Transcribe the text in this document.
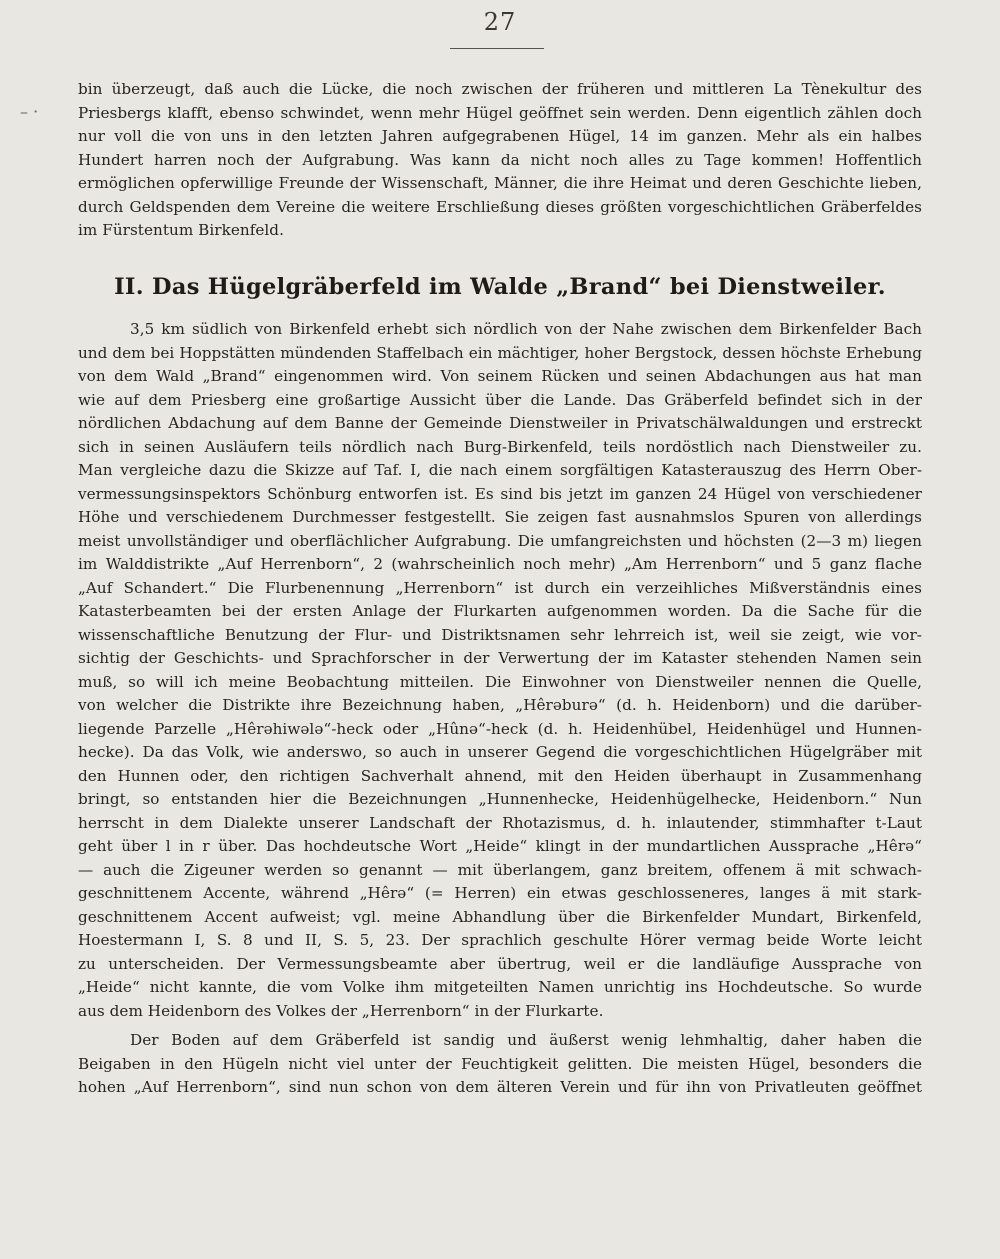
27
– ·
bin überzeugt, daß auch die Lücke, die noch zwischen der früheren und mittleren La Tènekultur des
Priesbergs klafft, ebenso schwindet, wenn mehr Hügel geöffnet sein werden. Denn eigentlich zählen doch
nur voll die von uns in den letzten Jahren aufgegrabenen Hügel, 14 im ganzen. Mehr als ein halbes
Hundert harren noch der Aufgrabung. Was kann da nicht noch alles zu Tage kommen! Hoffentlich
ermöglichen opferwillige Freunde der Wissenschaft, Männer, die ihre Heimat und deren Geschichte lieben,
durch Geldspenden dem Vereine die weitere Erschließung dieses größten vorgeschichtlichen Gräberfeldes
im Fürstentum Birkenfeld.
II. Das Hügelgräberfeld im Walde „Brand“ bei Dienstweiler.
3,5 km südlich von Birkenfeld erhebt sich nördlich von der Nahe zwischen dem Birkenfelder Bach
und dem bei Hoppstätten mündenden Staffelbach ein mächtiger, hoher Bergstock, dessen höchste Erhebung
von dem Wald „Brand“ eingenommen wird. Von seinem Rücken und seinen Abdachungen aus hat man
wie auf dem Priesberg eine großartige Aussicht über die Lande. Das Gräberfeld befindet sich in der
nördlichen Abdachung auf dem Banne der Gemeinde Dienstweiler in Privatschälwaldungen und erstreckt
sich in seinen Ausläufern teils nördlich nach Burg-Birkenfeld, teils nordöstlich nach Dienstweiler zu.
Man vergleiche dazu die Skizze auf Taf. I, die nach einem sorgfältigen Katasterauszug des Herrn Ober-
vermessungsinspektors Schönburg entworfen ist. Es sind bis jetzt im ganzen 24 Hügel von verschiedener
Höhe und verschiedenem Durchmesser festgestellt. Sie zeigen fast ausnahmslos Spuren von allerdings
meist unvollständiger und oberflächlicher Aufgrabung. Die umfangreichsten und höchsten (2—3 m) liegen
im Walddistrikte „Auf Herrenborn“, 2 (wahrscheinlich noch mehr) „Am Herrenborn“ und 5 ganz flache
„Auf Schandert.“ Die Flurbenennung „Herrenborn“ ist durch ein verzeihliches Mißverständnis eines
Katasterbeamten bei der ersten Anlage der Flurkarten aufgenommen worden. Da die Sache für die
wissenschaftliche Benutzung der Flur- und Distriktsnamen sehr lehrreich ist, weil sie zeigt, wie vor-
sichtig der Geschichts- und Sprachforscher in der Verwertung der im Kataster stehenden Namen sein
muß, so will ich meine Beobachtung mitteilen. Die Einwohner von Dienstweiler nennen die Quelle,
von welcher die Distrikte ihre Bezeichnung haben, „Hêrəburə“ (d. h. Heidenborn) und die darüber-
liegende Parzelle „Hêrəhiwələ“-heck oder „Hûnə“-heck (d. h. Heidenhübel, Heidenhügel und Hunnen-
hecke). Da das Volk, wie anderswo, so auch in unserer Gegend die vorgeschichtlichen Hügelgräber mit
den Hunnen oder, den richtigen Sachverhalt ahnend, mit den Heiden überhaupt in Zusammenhang
bringt, so entstanden hier die Bezeichnungen „Hunnenhecke, Heidenhügelhecke, Heidenborn.“ Nun
herrscht in dem Dialekte unserer Landschaft der Rhotazismus, d. h. inlautender, stimmhafter t-Laut
geht über l in r über. Das hochdeutsche Wort „Heide“ klingt in der mundartlichen Aussprache „Hêrə“
— auch die Zigeuner werden so genannt — mit überlangem, ganz breitem, offenem ä mit schwach-
geschnittenem Accente, während „Hêrə“ (= Herren) ein etwas geschlosseneres, langes ä mit stark-
geschnittenem Accent aufweist; vgl. meine Abhandlung über die Birkenfelder Mundart, Birkenfeld,
Hoestermann I, S. 8 und II, S. 5, 23. Der sprachlich geschulte Hörer vermag beide Worte leicht
zu unterscheiden. Der Vermessungsbeamte aber übertrug, weil er die landläufige Aussprache von
„Heide“ nicht kannte, die vom Volke ihm mitgeteilten Namen unrichtig ins Hochdeutsche. So wurde
aus dem Heidenborn des Volkes der „Herrenborn“ in der Flurkarte.
Der Boden auf dem Gräberfeld ist sandig und äußerst wenig lehmhaltig, daher haben die
Beigaben in den Hügeln nicht viel unter der Feuchtigkeit gelitten. Die meisten Hügel, besonders die
hohen „Auf Herrenborn“, sind nun schon von dem älteren Verein und für ihn von Privatleuten geöffnet
